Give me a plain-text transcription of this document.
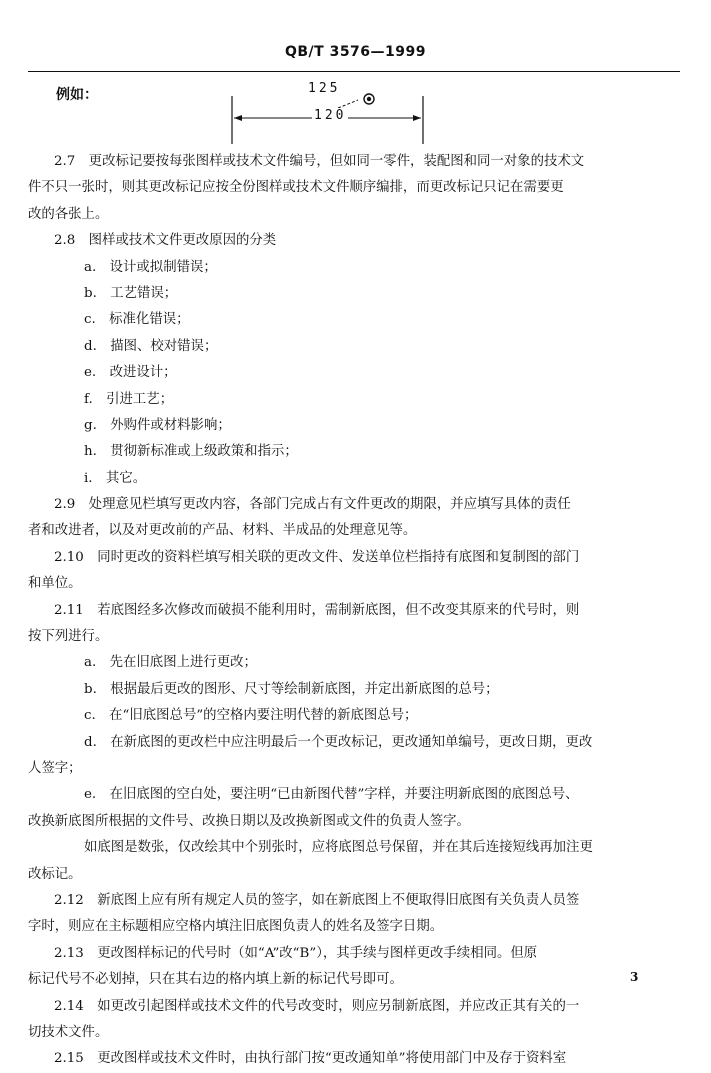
QB/T 3576—1999
例如：	125
120
2.7　更改标记要按每张图样或技术文件编号，但如同一零件，装配图和同一对象的技术文
件不只一张时，则其更改标记应按全份图样或技术文件顺序编排，而更改标记只记在需要更
改的各张上。
2.8　图样或技术文件更改原因的分类
a.　设计或拟制错误；
b.　工艺错误；
c.　标准化错误；
d.　描图、校对错误；
e.　改进设计；
f.　引进工艺；
g.　外购件或材料影响；
h.　贯彻新标准或上级政策和指示；
i.　其它。
2.9　处理意见栏填写更改内容，各部门完成占有文件更改的期限，并应填写具体的责任
者和改进者，以及对更改前的产品、材料、半成品的处理意见等。
2.10　同时更改的资料栏填写相关联的更改文件、发送单位栏指持有底图和复制图的部门
和单位。
2.11　若底图经多次修改而破损不能利用时，需制新底图，但不改变其原来的代号时，则
按下列进行。
a.　先在旧底图上进行更改；
b.　根据最后更改的图形、尺寸等绘制新底图，并定出新底图的总号；
c.　在“旧底图总号”的空格内要注明代替的新底图总号；
d.　在新底图的更改栏中应注明最后一个更改标记，更改通知单编号，更改日期，更改
人签字；
e.　在旧底图的空白处，要注明“已由新图代替”字样，并要注明新底图的底图总号、
改换新底图所根据的文件号、改换日期以及改换新图或文件的负责人签字。
如底图是数张，仅改绘其中个别张时，应将底图总号保留，并在其后连接短线再加注更
改标记。
2.12　新底图上应有所有规定人员的签字，如在新底图上不便取得旧底图有关负责人员签
字时，则应在主标题相应空格内填注旧底图负责人的姓名及签字日期。
2.13　更改图样标记的代号时（如“A”改“B”），其手续与图样更改手续相同。但原
标记代号不必划掉，只在其右边的格内填上新的标记代号即可。
2.14　如更改引起图样或技术文件的代号改变时，则应另制新底图，并应改正其有关的一
切技术文件。
2.15　更改图样或技术文件时，由执行部门按“更改通知单”将使用部门中及存于资料室
3
